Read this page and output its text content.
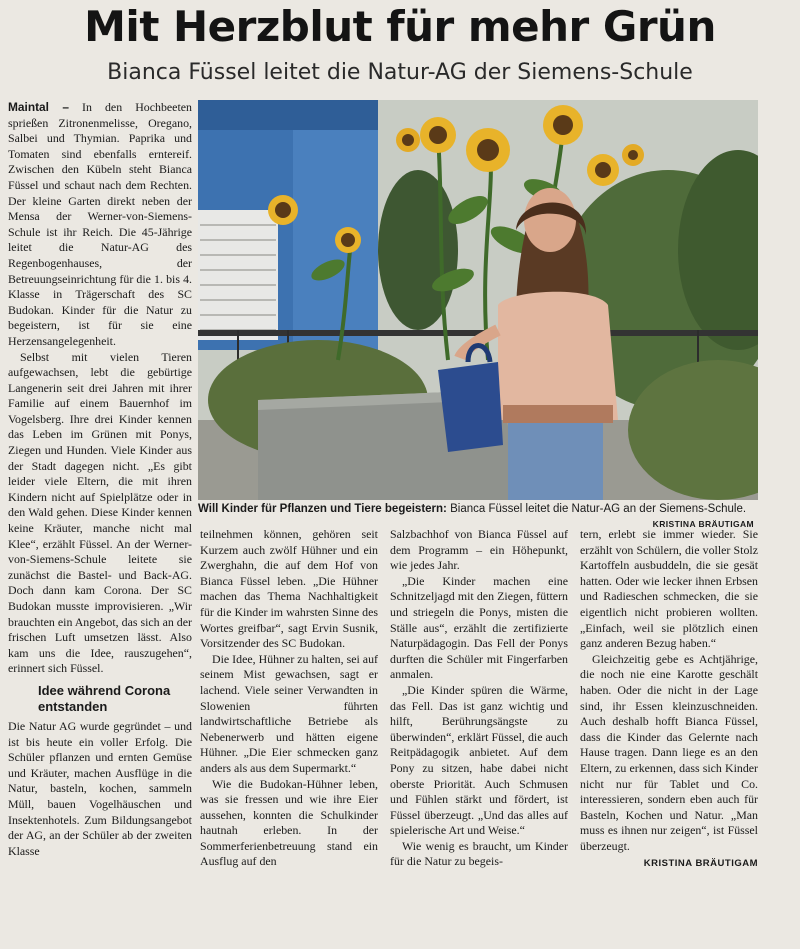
Mit Herzblut für mehr Grün
Bianca Füssel leitet die Natur-AG der Siemens-Schule
Will Kinder für Pflanzen und Tiere begeistern: Bianca Füssel leitet die Natur-AG an der Siemens-Schule.
KRISTINA BRÄUTIGAM

Maintal – In den Hochbeeten sprießen Zitronenmelisse, Oregano, Salbei und Thymian. Paprika und Tomaten sind ebenfalls erntereif. Zwischen den Kübeln steht Bianca Füssel und schaut nach dem Rechten. Der kleine Garten direkt neben der Mensa der Werner-von-Siemens-Schule ist ihr Reich. Die 45-Jährige leitet die Natur-AG des Regenbogenhauses, der Betreuungseinrichtung für die 1. bis 4. Klasse in Trägerschaft des SC Budokan. Kinder für die Natur zu begeistern, ist für sie eine Herzensangelegenheit.

Selbst mit vielen Tieren aufgewachsen, lebt die gebürtige Langenerin seit drei Jahren mit ihrer Familie auf einem Bauernhof im Vogelsberg. Ihre drei Kinder kennen das Leben im Grünen mit Ponys, Ziegen und Hunden. Viele Kinder aus der Stadt dagegen nicht. „Es gibt leider viele Eltern, die mit ihren Kindern nicht auf Spielplätze oder in den Wald gehen. Diese Kinder kennen keine Kräuter, manche nicht mal Klee“, erzählt Füssel. An der Werner-von-Siemens-Schule leitete sie zunächst die Bastel- und Back-AG. Doch dann kam Corona. Der SC Budokan musste improvisieren. „Wir brauchten ein Angebot, das sich an der frischen Luft umsetzen lässt. Also kam uns die Idee, rauszugehen“, erinnert sich Füssel.

Idee während Corona entstanden

Die Natur AG wurde gegründet – und ist bis heute ein voller Erfolg. Die Schüler pflanzen und ernten Gemüse und Kräuter, machen Ausflüge in die Natur, basteln, kochen, sammeln Müll, bauen Vogelhäuschen und Insektenhotels. Zum Bildungsangebot der AG, an der Schüler ab der zweiten Klasse

teilnehmen können, gehören seit Kurzem auch zwölf Hühner und ein Zwerghahn, die auf dem Hof von Bianca Füssel leben. „Die Hühner machen das Thema Nachhaltigkeit für die Kinder im wahrsten Sinne des Wortes greifbar“, sagt Ervin Susnik, Vorsitzender des SC Budokan.

Die Idee, Hühner zu halten, sei auf seinem Mist gewachsen, sagt er lachend. Viele seiner Verwandten in Slowenien führten landwirtschaftliche Betriebe als Nebenerwerb und hätten eigene Hühner. „Die Eier schmecken ganz anders als aus dem Supermarkt.“

Wie die Budokan-Hühner leben, was sie fressen und wie ihre Eier aussehen, konnten die Schulkinder hautnah erleben. In der Sommerferienbetreuung stand ein Ausflug auf den

Salzbachhof von Bianca Füssel auf dem Programm – ein Höhepunkt, wie jedes Jahr.

„Die Kinder machen eine Schnitzeljagd mit den Ziegen, füttern und striegeln die Ponys, misten die Ställe aus“, erzählt die zertifizierte Naturpädagogin. Das Fell der Ponys durften die Schüler mit Fingerfarben anmalen.

„Die Kinder spüren die Wärme, das Fell. Das ist ganz wichtig und hilft, Berührungsängste zu überwinden“, erklärt Füssel, die auch Reitpädagogik anbietet. Auf dem Pony zu sitzen, habe dabei nicht oberste Priorität. Auch Schmusen und Fühlen stärkt und fördert, ist Füssel überzeugt. „Und das alles auf spielerische Art und Weise.“

Wie wenig es braucht, um Kinder für die Natur zu begeis-

tern, erlebt sie immer wieder. Sie erzählt von Schülern, die voller Stolz Kartoffeln ausbuddeln, die sie gesät hatten. Oder wie lecker ihnen Erbsen und Radieschen schmecken, die sie eigentlich nicht probieren wollten. „Einfach, weil sie plötzlich einen ganz anderen Bezug haben.“

Gleichzeitig gebe es Achtjährige, die noch nie eine Karotte geschält haben. Oder die nicht in der Lage sind, ihr Essen kleinzuschneiden. Auch deshalb hofft Bianca Füssel, dass die Kinder das Gelernte nach Hause tragen. Dann liege es an den Eltern, zu erkennen, dass sich Kinder nicht nur für Tablet und Co. interessieren, sondern eben auch für Basteln, Kochen und Natur. „Man muss es ihnen nur zeigen“, ist Füssel überzeugt.

KRISTINA BRÄUTIGAM
